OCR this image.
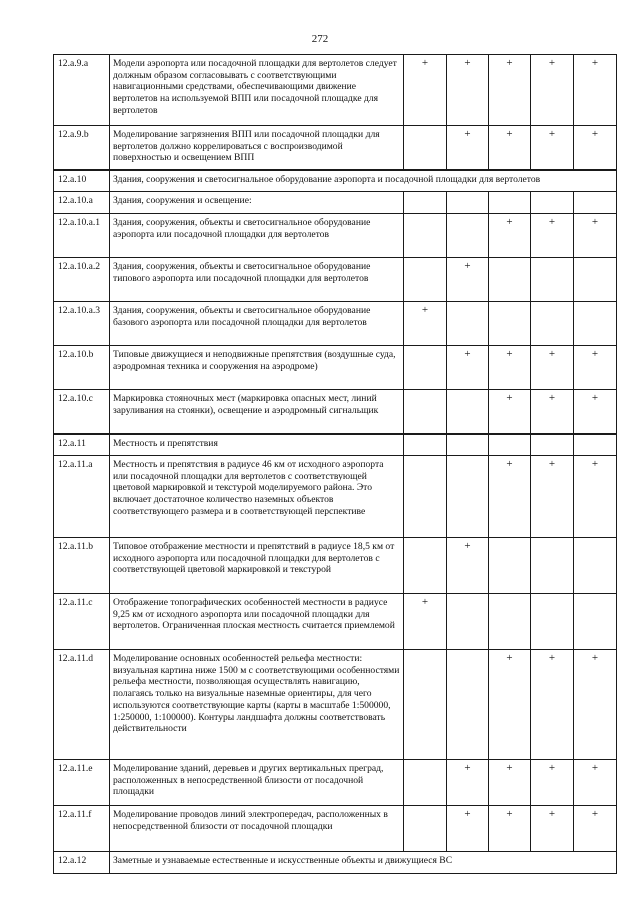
272
12.a.9.a	Модели аэропорта или посадочной площадки для вертолетов следует должным образом согласовывать с соответствующими навигационными средствами, обеспечивающими движение вертолетов на используемой ВПП или посадочной площадке для вертолетов	+	+	+	+	+
12.a.9.b	Моделирование загрязнения ВПП или посадочной площадки для вертолетов должно коррелироваться с воспроизводимой поверхностью и освещением ВПП		+	+	+	+
12.a.10	Здания, сооружения и светосигнальное оборудование аэропорта и посадочной площадки для вертолетов					
12.a.10.a	Здания, сооружения и освещение:					
12.a.10.a.1	Здания, сооружения, объекты и светосигнальное оборудование аэропорта или посадочной площадки для вертолетов			+	+	+
12.a.10.a.2	Здания, сооружения, объекты и светосигнальное оборудование типового аэропорта или посадочной площадки для вертолетов		+			
12.a.10.a.3	Здания, сооружения, объекты и светосигнальное оборудование базового аэропорта или посадочной площадки для вертолетов	+				
12.a.10.b	Типовые движущиеся и неподвижные препятствия (воздушные суда, аэродромная техника и сооружения на аэродроме)		+	+	+	+
12.a.10.c	Маркировка стояночных мест (маркировка опасных мест, линий заруливания на стоянки), освещение и аэродромный сигнальщик			+	+	+
12.a.11	Местность и препятствия					
12.a.11.a	Местность и препятствия в радиусе 46 км от исходного аэропорта или посадочной площадки для вертолетов с соответствующей цветовой маркировкой и текстурой моделируемого района. Это включает достаточное количество наземных объектов соответствующего размера и в соответствующей перспективе			+	+	+
12.a.11.b	Типовое отображение местности и препятствий в радиусе 18,5 км от исходного аэропорта или посадочной площадки для вертолетов с соответствующей цветовой маркировкой и текстурой		+			
12.a.11.c	Отображение топографических особенностей местности в радиусе 9,25 км от исходного аэропорта или посадочной площадки для вертолетов. Ограниченная плоская местность считается приемлемой	+				
12.a.11.d	Моделирование основных особенностей рельефа местности: визуальная картина ниже 1500 м с соответствующими особенностями рельефа местности, позволяющая осуществлять навигацию, полагаясь только на визуальные наземные ориентиры, для чего используются соответствующие карты (карты в масштабе 1:500000, 1:250000, 1:100000). Контуры ландшафта должны соответствовать действительности			+	+	+
12.a.11.e	Моделирование зданий, деревьев и других вертикальных преград, расположенных в непосредственной близости от посадочной площадки		+	+	+	+
12.a.11.f	Моделирование проводов линий электропередач, расположенных в непосредственной близости от посадочной площадки		+	+	+	+
12.a.12	Заметные и узнаваемые естественные и искусственные объекты и движущиеся ВС					
